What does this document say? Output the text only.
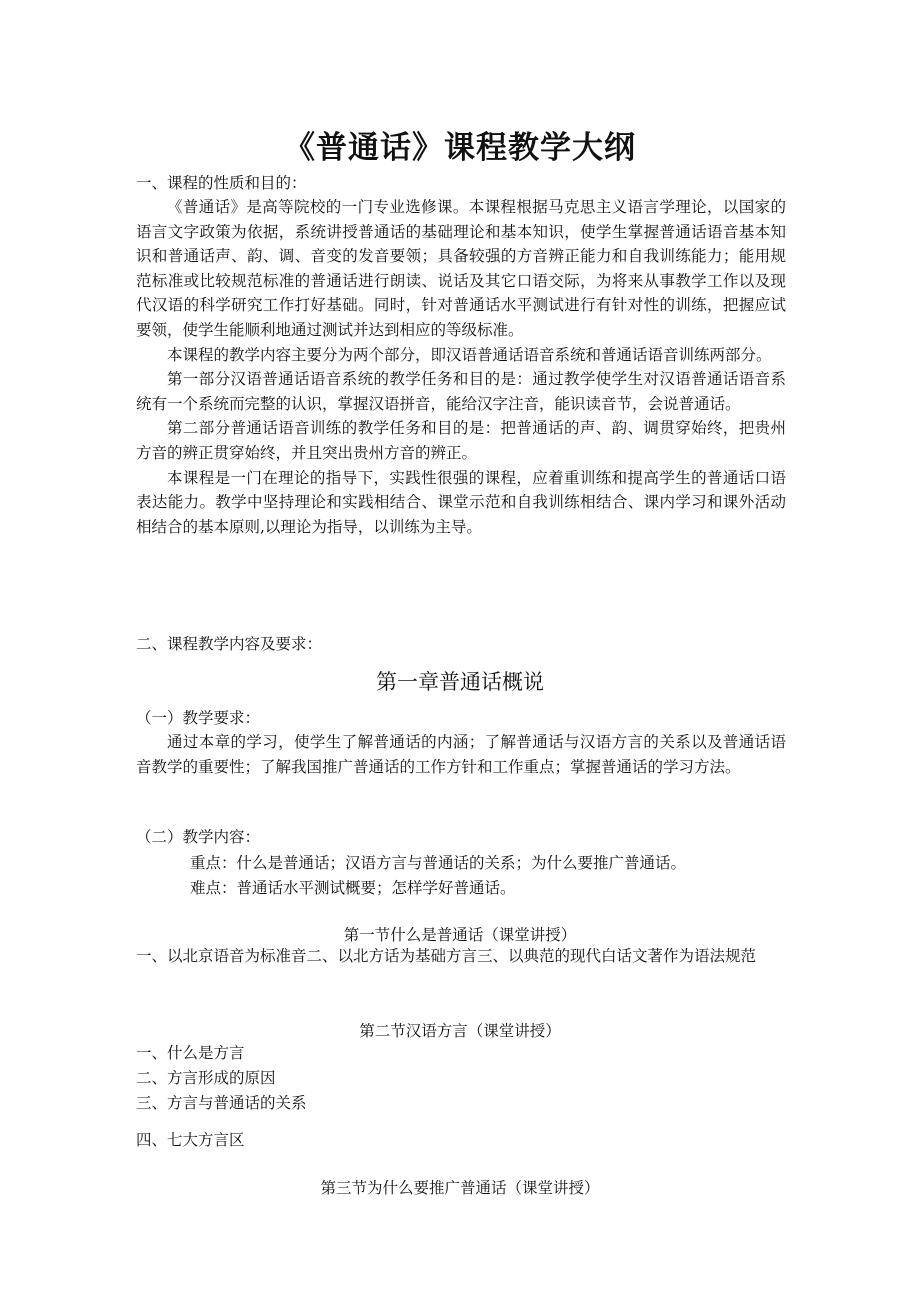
《普通话》课程教学大纲
一、课程的性质和目的：

《普通话》是高等院校的一门专业选修课。本课程根据马克思主义语言学理论，以国家的语言文字政策为依据，系统讲授普通话的基础理论和基本知识，使学生掌握普通话语音基本知识和普通话声、韵、调、音变的发音要领；具备较强的方音辨正能力和自我训练能力；能用规范标准或比较规范标准的普通话进行朗读、说话及其它口语交际，为将来从事教学工作以及现代汉语的科学研究工作打好基础。同时，针对普通话水平测试进行有针对性的训练，把握应试要领，使学生能顺利地通过测试并达到相应的等级标准。

本课程的教学内容主要分为两个部分，即汉语普通话语音系统和普通话语音训练两部分。

第一部分汉语普通话语音系统的教学任务和目的是：通过教学使学生对汉语普通话语音系统有一个系统而完整的认识，掌握汉语拼音，能给汉字注音，能识读音节，会说普通话。

第二部分普通话语音训练的教学任务和目的是：把普通话的声、韵、调贯穿始终，把贵州方音的辨正贯穿始终，并且突出贵州方音的辨正。

本课程是一门在理论的指导下，实践性很强的课程，应着重训练和提高学生的普通话口语表达能力。教学中坚持理论和实践相结合、课堂示范和自我训练相结合、课内学习和课外活动相结合的基本原则,以理论为指导，以训练为主导。

二、课程教学内容及要求：
第一章普通话概说
（一）教学要求：

通过本章的学习，使学生了解普通话的内涵；了解普通话与汉语方言的关系以及普通话语音教学的重要性；了解我国推广普通话的工作方针和工作重点；掌握普通话的学习方法。

（二）教学内容：
重点：什么是普通话；汉语方言与普通话的关系；为什么要推广普通话。
难点：普通话水平测试概要；怎样学好普通话。
第一节什么是普通话（课堂讲授）
一、以北京语音为标准音二、以北方话为基础方言三、以典范的现代白话文著作为语法规范
第二节汉语方言（课堂讲授）
一、什么是方言
二、方言形成的原因
三、方言与普通话的关系
四、七大方言区
第三节为什么要推广普通话（课堂讲授）
